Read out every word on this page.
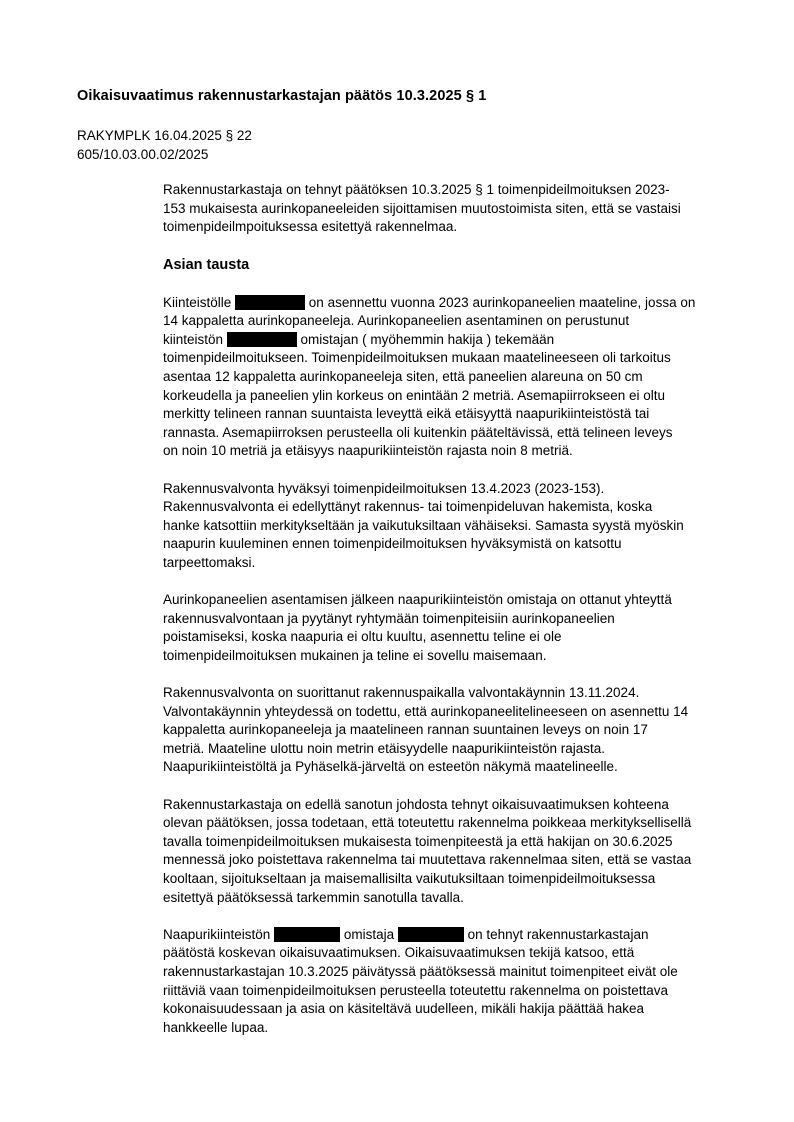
Oikaisuvaatimus rakennustarkastajan päätös 10.3.2025 § 1
RAKYMPLK 16.04.2025 § 22
605/10.03.00.02/2025
Rakennustarkastaja on tehnyt päätöksen 10.3.2025 § 1 toimenpideilmoituksen 2023-
153 mukaisesta aurinkopaneeleiden sijoittamisen muutostoimista siten, että se vastaisi
toimenpideilmpoituksessa esitettyä rakennelmaa.
Asian tausta
Kiinteistölle	on asennettu vuonna 2023 aurinkopaneelien maateline, jossa on
14 kappaletta aurinkopaneeleja. Aurinkopaneelien asentaminen on perustunut
kiinteistön	omistajan ( myöhemmin hakija ) tekemään
toimenpideilmoitukseen. Toimenpideilmoituksen mukaan maatelineeseen oli tarkoitus
asentaa 12 kappaletta aurinkopaneeleja siten, että paneelien alareuna on 50 cm
korkeudella ja paneelien ylin korkeus on enintään 2 metriä. Asemapiirrokseen ei oltu
merkitty telineen rannan suuntaista leveyttä eikä etäisyyttä naapurikiinteistöstä tai
rannasta. Asemapiirroksen perusteella oli kuitenkin pääteltävissä, että telineen leveys
on noin 10 metriä ja etäisyys naapurikiinteistön rajasta noin 8 metriä.
Rakennusvalvonta hyväksyi toimenpideilmoituksen 13.4.2023 (2023-153).
Rakennusvalvonta ei edellyttänyt rakennus- tai toimenpideluvan hakemista, koska
hanke katsottiin merkitykseltään ja vaikutuksiltaan vähäiseksi. Samasta syystä myöskin
naapurin kuuleminen ennen toimenpideilmoituksen hyväksymistä on katsottu
tarpeettomaksi.
Aurinkopaneelien asentamisen jälkeen naapurikiinteistön omistaja on ottanut yhteyttä
rakennusvalvontaan ja pyytänyt ryhtymään toimenpiteisiin aurinkopaneelien
poistamiseksi, koska naapuria ei oltu kuultu, asennettu teline ei ole
toimenpideilmoituksen mukainen ja teline ei sovellu maisemaan.
Rakennusvalvonta on suorittanut rakennuspaikalla valvontakäynnin 13.11.2024.
Valvontakäynnin yhteydessä on todettu, että aurinkopaneelitelineeseen on asennettu 14
kappaletta aurinkopaneeleja ja maatelineen rannan suuntainen leveys on noin 17
metriä. Maateline ulottu noin metrin etäisyydelle naapurikiinteistön rajasta.
Naapurikiinteistöltä ja Pyhäselkä-järveltä on esteetön näkymä maatelineelle.
Rakennustarkastaja on edellä sanotun johdosta tehnyt oikaisuvaatimuksen kohteena
olevan päätöksen, jossa todetaan, että toteutettu rakennelma poikkeaa merkityksellisellä
tavalla toimenpideilmoituksen mukaisesta toimenpiteestä ja että hakijan on 30.6.2025
mennessä joko poistettava rakennelma tai muutettava rakennelmaa siten, että se vastaa
kooltaan, sijoitukseltaan ja maisemallisilta vaikutuksiltaan toimenpideilmoituksessa
esitettyä päätöksessä tarkemmin sanotulla tavalla.
Naapurikiinteistön	omistaja	on tehnyt rakennustarkastajan
päätöstä koskevan oikaisuvaatimuksen. Oikaisuvaatimuksen tekijä katsoo, että
rakennustarkastajan 10.3.2025 päivätyssä päätöksessä mainitut toimenpiteet eivät ole
riittäviä vaan toimenpideilmoituksen perusteella toteutettu rakennelma on poistettava
kokonaisuudessaan ja asia on käsiteltävä uudelleen, mikäli hakija päättää hakea
hankkeelle lupaa.
